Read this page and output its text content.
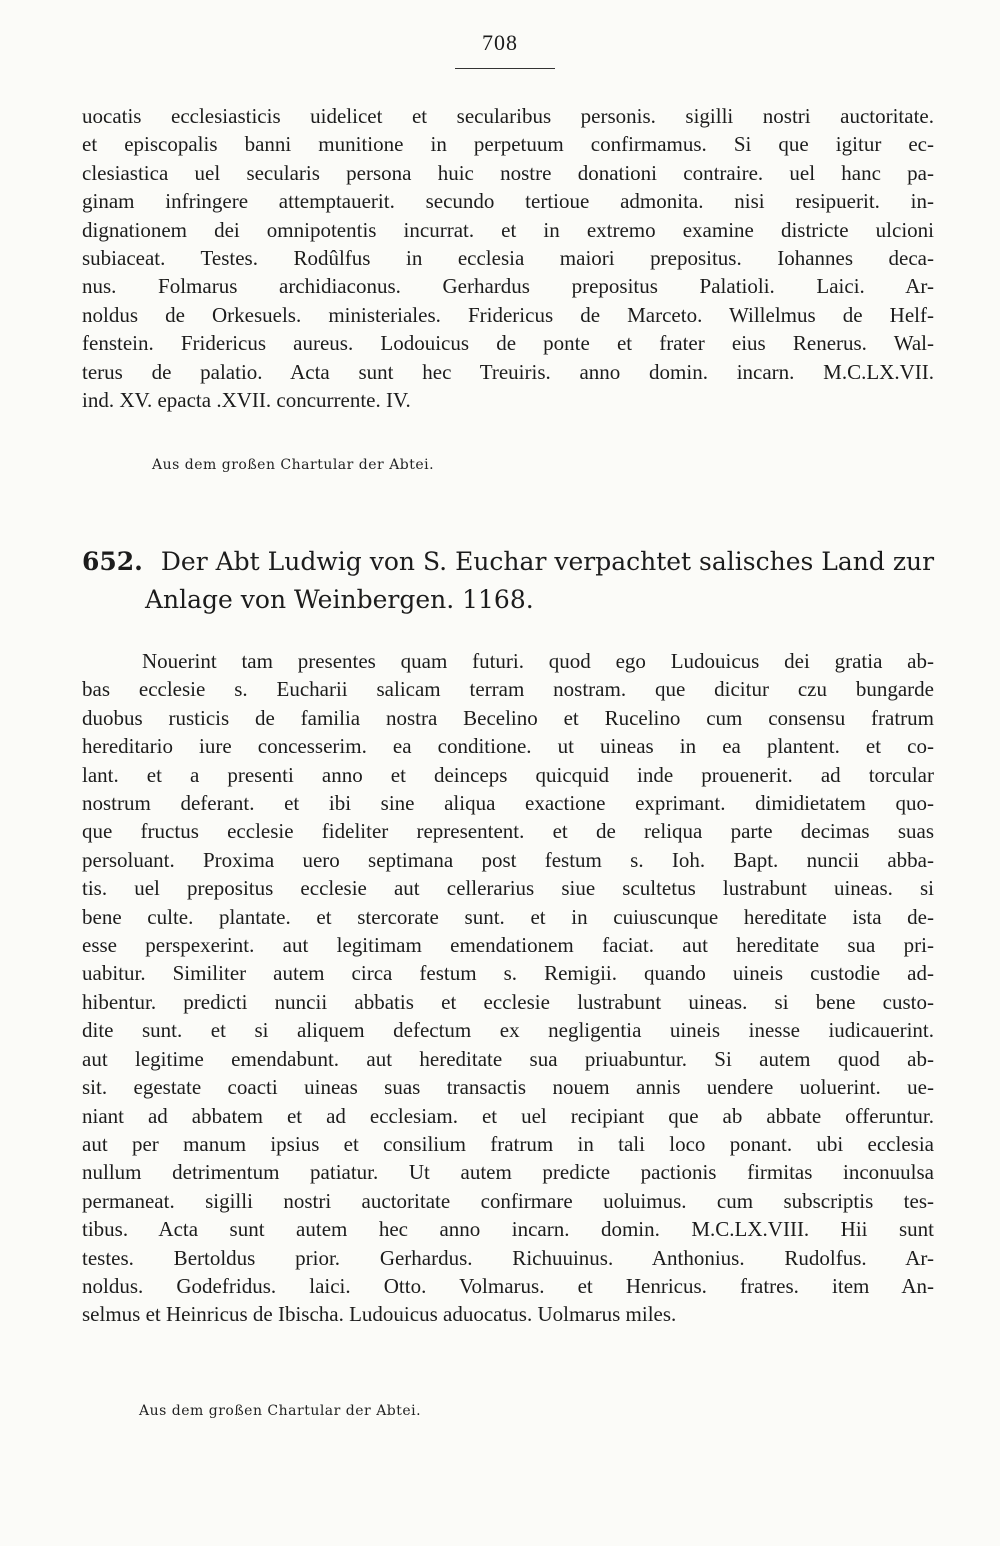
708
uocatis ecclesiasticis uidelicet et secularibus personis. sigilli nostri auctoritate.
et episcopalis banni munitione in perpetuum confirmamus. Si que igitur ec-
clesiastica uel secularis persona huic nostre donationi contraire. uel hanc pa-
ginam infringere attemptauerit. secundo tertioue admonita. nisi resipuerit. in-
dignationem dei omnipotentis incurrat. et in extremo examine districte ulcioni
subiaceat. Testes. Rodûlfus in ecclesia maiori prepositus. Iohannes deca-
nus. Folmarus archidiaconus. Gerhardus prepositus Palatioli. Laici. Ar-
noldus de Orkesuels. ministeriales. Fridericus de Marceto. Willelmus de Helf-
fenstein. Fridericus aureus. Lodouicus de ponte et frater eius Renerus. Wal-
terus de palatio. Acta sunt hec Treuiris. anno domin. incarn. M.C.LX.VII.
ind. XV. epacta .XVII. concurrente. IV.
Aus dem großen Chartular der Abtei.
652. Der Abt Ludwig von S. Euchar verpachtet salisches Land zur
Anlage von Weinbergen. 1168.
Nouerint tam presentes quam futuri. quod ego Ludouicus dei gratia ab-
bas ecclesie s. Eucharii salicam terram nostram. que dicitur czu bungarde
duobus rusticis de familia nostra Becelino et Rucelino cum consensu fratrum
hereditario iure concesserim. ea conditione. ut uineas in ea plantent. et co-
lant. et a presenti anno et deinceps quicquid inde prouenerit. ad torcular
nostrum deferant. et ibi sine aliqua exactione exprimant. dimidietatem quo-
que fructus ecclesie fideliter representent. et de reliqua parte decimas suas
persoluant. Proxima uero septimana post festum s. Ioh. Bapt. nuncii abba-
tis. uel prepositus ecclesie aut cellerarius siue scultetus lustrabunt uineas. si
bene culte. plantate. et stercorate sunt. et in cuiuscunque hereditate ista de-
esse perspexerint. aut legitimam emendationem faciat. aut hereditate sua pri-
uabitur. Similiter autem circa festum s. Remigii. quando uineis custodie ad-
hibentur. predicti nuncii abbatis et ecclesie lustrabunt uineas. si bene custo-
dite sunt. et si aliquem defectum ex negligentia uineis inesse iudicauerint.
aut legitime emendabunt. aut hereditate sua priuabuntur. Si autem quod ab-
sit. egestate coacti uineas suas transactis nouem annis uendere uoluerint. ue-
niant ad abbatem et ad ecclesiam. et uel recipiant que ab abbate offeruntur.
aut per manum ipsius et consilium fratrum in tali loco ponant. ubi ecclesia
nullum detrimentum patiatur. Ut autem predicte pactionis firmitas inconuulsa
permaneat. sigilli nostri auctoritate confirmare uoluimus. cum subscriptis tes-
tibus. Acta sunt autem hec anno incarn. domin. M.C.LX.VIII. Hii sunt
testes. Bertoldus prior. Gerhardus. Richuuinus. Anthonius. Rudolfus. Ar-
noldus. Godefridus. laici. Otto. Volmarus. et Henricus. fratres. item An-
selmus et Heinricus de Ibischa. Ludouicus aduocatus. Uolmarus miles.
Aus dem großen Chartular der Abtei.
